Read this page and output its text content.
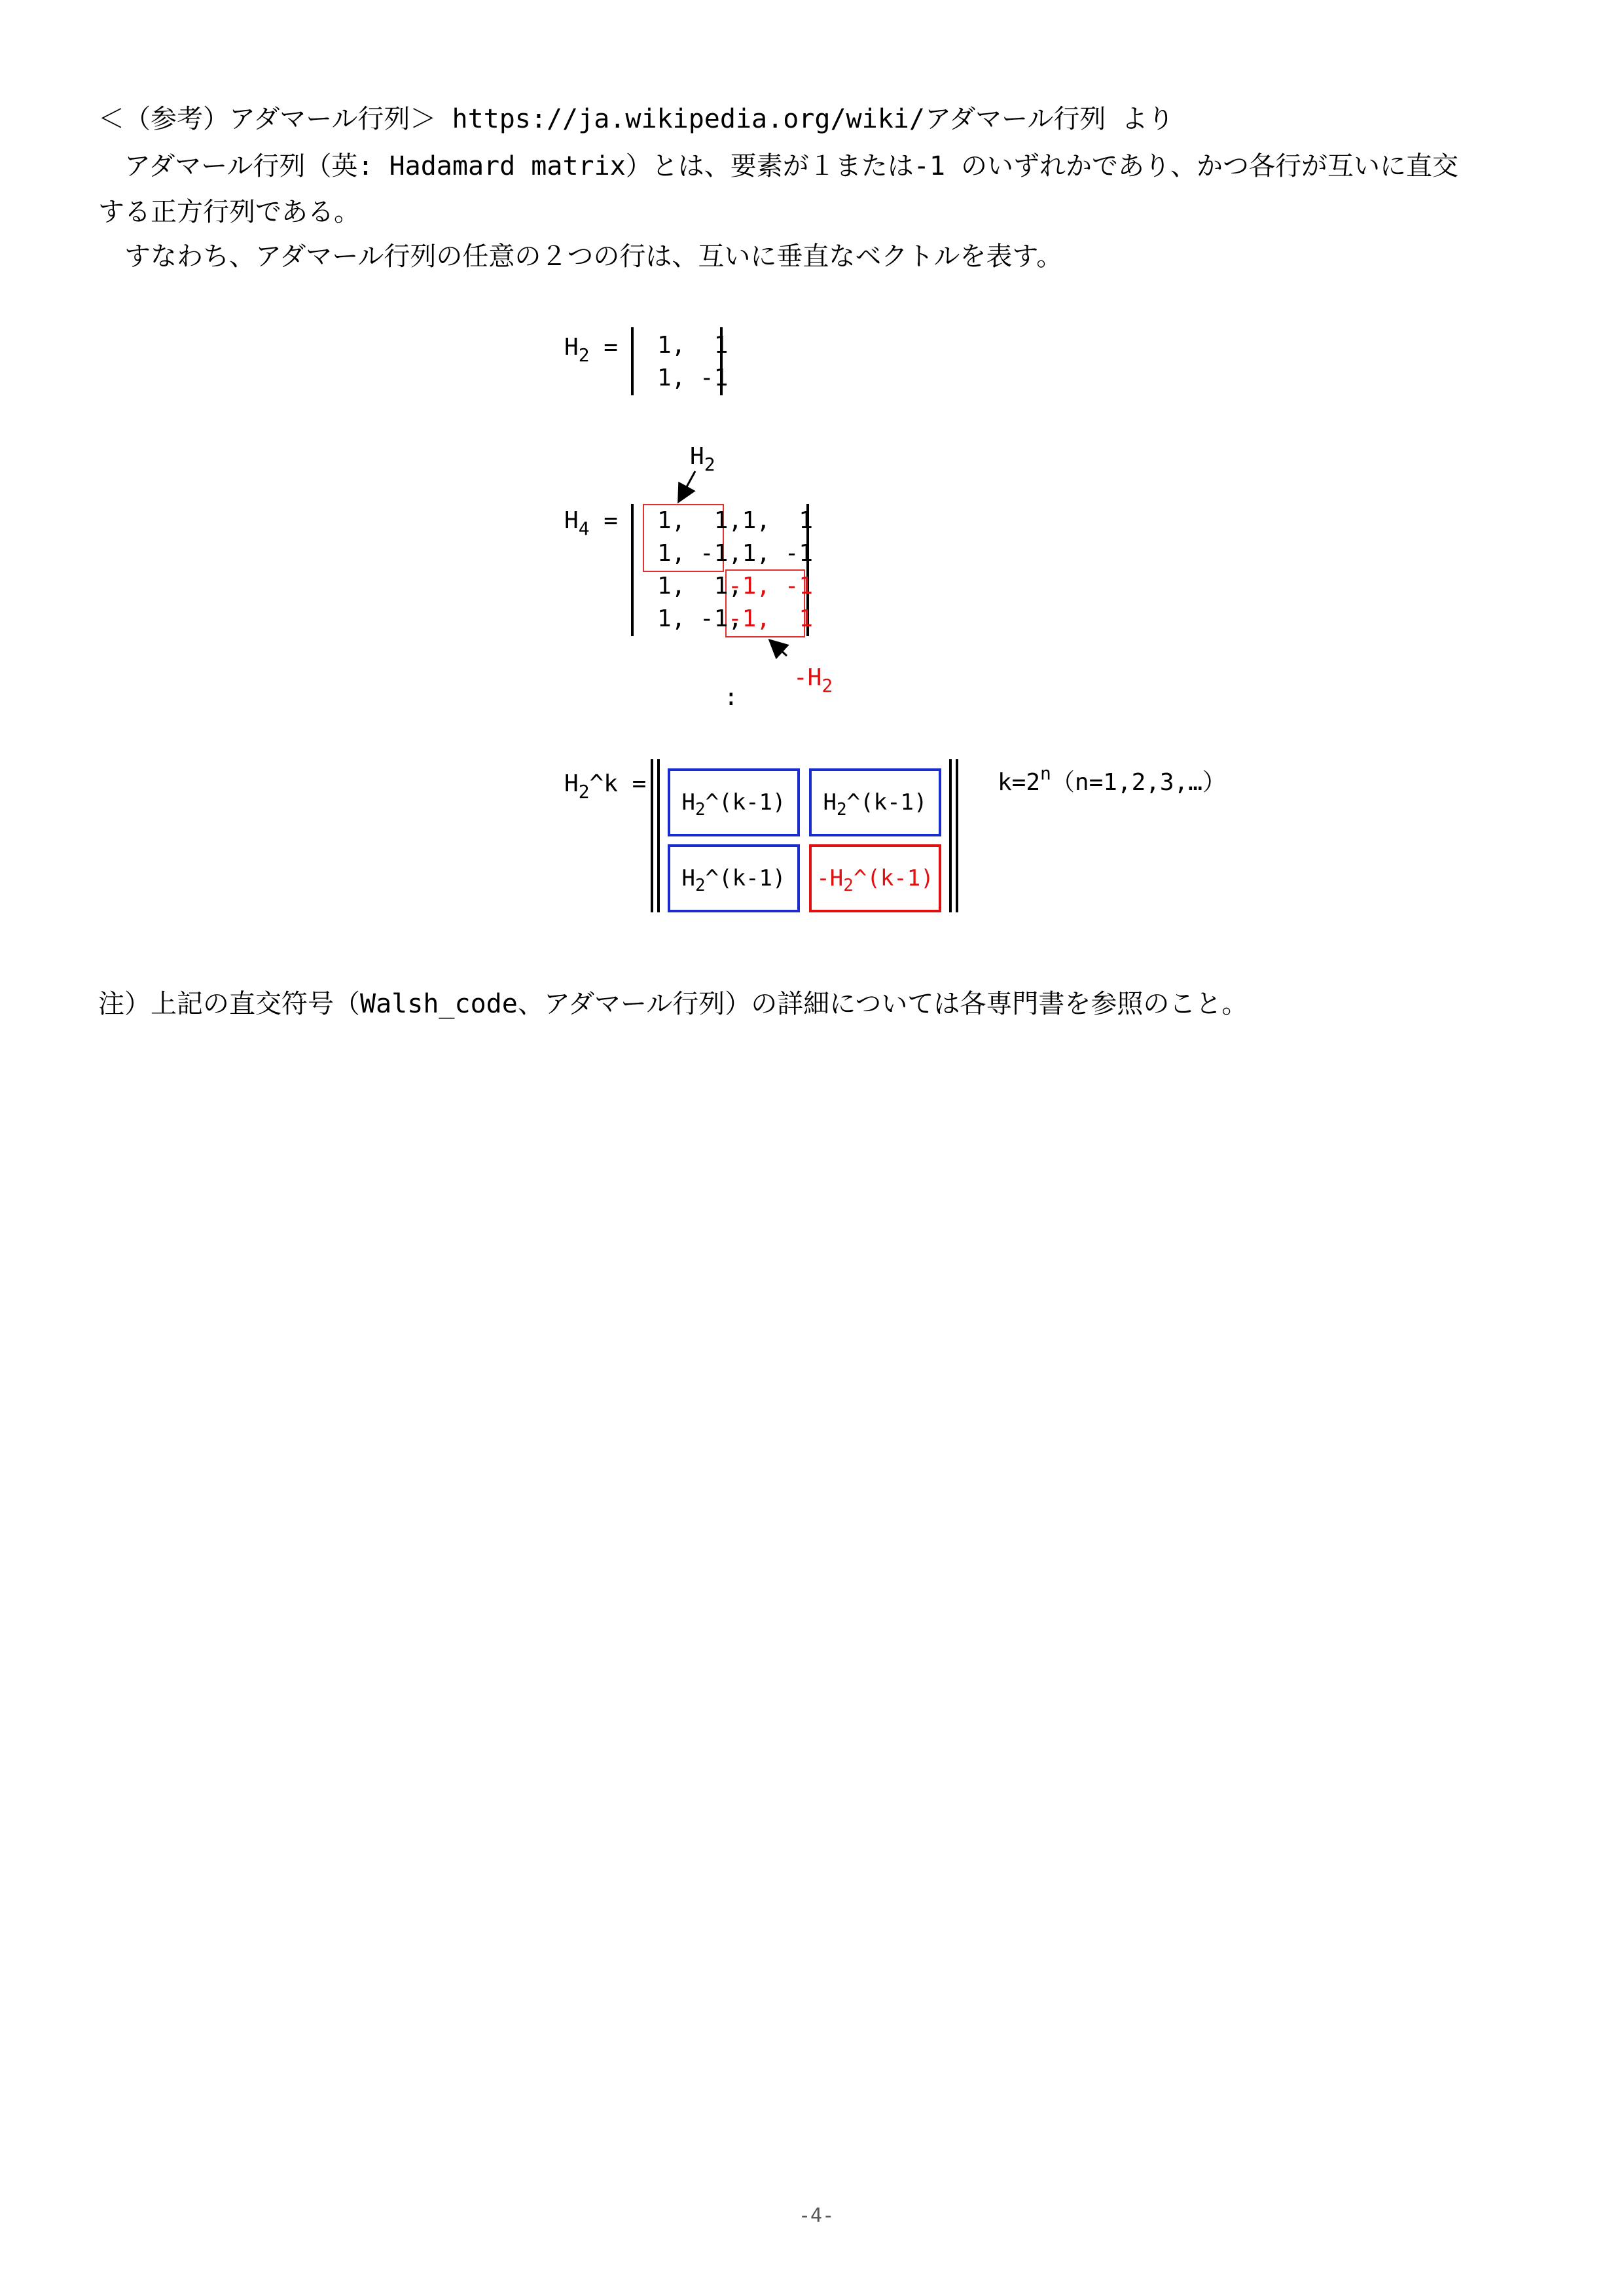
＜（参考）アダマール行列＞ https://ja.wikipedia.org/wiki/アダマール行列 より
　アダマール行列（英: Hadamard matrix）とは、要素が１または-1 のいずれかであり、かつ各行が互いに直交
する正方行列である。
　すなわち、アダマール行列の任意の２つの行は、互いに垂直なベクトルを表す。
$H_2 = 1$,  1
1, -1
$H_2$
$H_4 = 1$,  1,
1,  1
1, -1,
1, -1
1,  1,
-1, -1
1, -1,
-1,  1
$-H_2$
:
$H_2\^{}k$ =
$H_2\^{}(k-1)$	$H_2\^{}(k-1)$
$H_2\^{}(k-1)$	$-H_2\^{}(k-1)$
$k=2^n(n=1,2,3,\dots)$
注）上記の直交符号（Walsh_code、アダマール行列）の詳細については各専門書を参照のこと。
-4-
